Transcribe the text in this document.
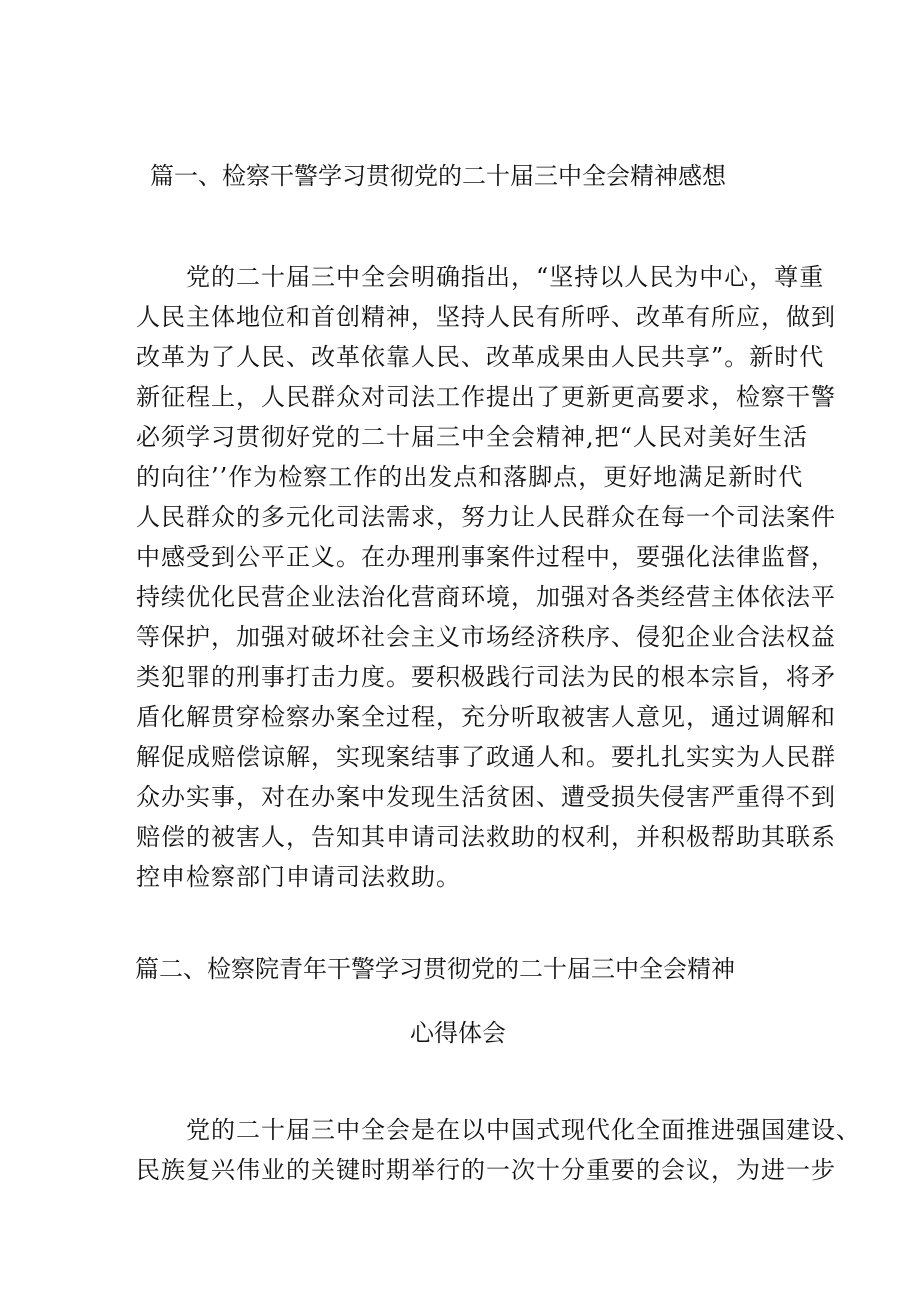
篇一、检察干警学习贯彻党的二十届三中全会精神感想
　　党的二十届三中全会明确指出，“坚持以人民为中心，尊重
人民主体地位和首创精神，坚持人民有所呼、改革有所应，做到
改革为了人民、改革依靠人民、改革成果由人民共享”。新时代
新征程上，人民群众对司法工作提出了更新更高要求，检察干警
必须学习贯彻好党的二十届三中全会精神,把“人民对美好生活
的向往’’作为检察工作的出发点和落脚点，更好地满足新时代
人民群众的多元化司法需求，努力让人民群众在每一个司法案件
中感受到公平正义。在办理刑事案件过程中，要强化法律监督，
持续优化民营企业法治化营商环境，加强对各类经营主体依法平
等保护，加强对破坏社会主义市场经济秩序、侵犯企业合法权益
类犯罪的刑事打击力度。要积极践行司法为民的根本宗旨，将矛
盾化解贯穿检察办案全过程，充分听取被害人意见，通过调解和
解促成赔偿谅解，实现案结事了政通人和。要扎扎实实为人民群
众办实事，对在办案中发现生活贫困、遭受损失侵害严重得不到
赔偿的被害人，告知其申请司法救助的权利，并积极帮助其联系
控申检察部门申请司法救助。
篇二、检察院青年干警学习贯彻党的二十届三中全会精神
心得体会
　　党的二十届三中全会是在以中国式现代化全面推进强国建设、
民族复兴伟业的关键时期举行的一次十分重要的会议，为进一步
